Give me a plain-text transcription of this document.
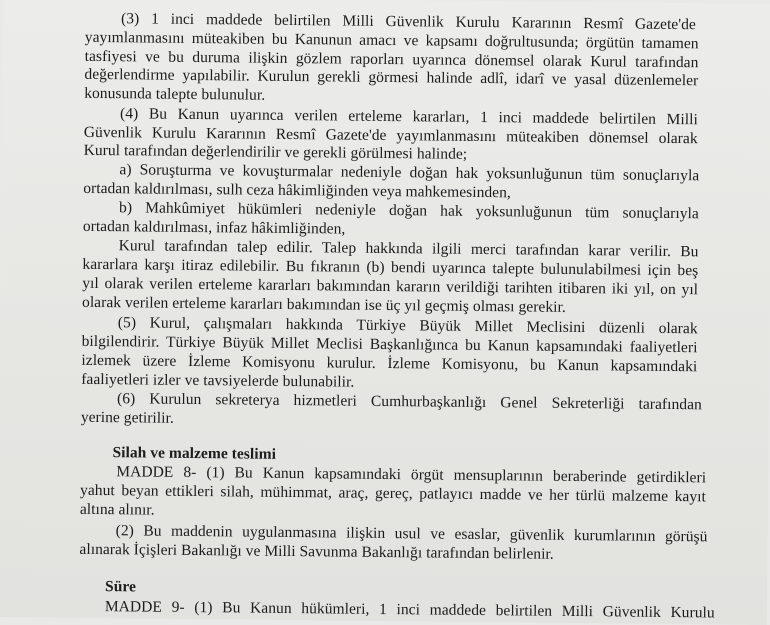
(3) 1 inci maddede belirtilen Milli Güvenlik Kurulu Kararının Resmî Gazete'de
yayımlanmasını müteakiben bu Kanunun amacı ve kapsamı doğrultusunda; örgütün tamamen
tasfiyesi ve bu duruma ilişkin gözlem raporları uyarınca dönemsel olarak Kurul tarafından
değerlendirme yapılabilir. Kurulun gerekli görmesi halinde adlî, idarî ve yasal düzenlemeler
konusunda talepte bulunulur.
(4) Bu Kanun uyarınca verilen erteleme kararları, 1 inci maddede belirtilen Milli
Güvenlik Kurulu Kararının Resmî Gazete'de yayımlanmasını müteakiben dönemsel olarak
Kurul tarafından değerlendirilir ve gerekli görülmesi halinde;
a) Soruşturma ve kovuşturmalar nedeniyle doğan hak yoksunluğunun tüm sonuçlarıyla
ortadan kaldırılması, sulh ceza hâkimliğinden veya mahkemesinden,
b) Mahkûmiyet hükümleri nedeniyle doğan hak yoksunluğunun tüm sonuçlarıyla
ortadan kaldırılması, infaz hâkimliğinden,
Kurul tarafından talep edilir. Talep hakkında ilgili merci tarafından karar verilir. Bu
kararlara karşı itiraz edilebilir. Bu fıkranın (b) bendi uyarınca talepte bulunulabilmesi için beş
yıl olarak verilen erteleme kararları bakımından kararın verildiği tarihten itibaren iki yıl, on yıl
olarak verilen erteleme kararları bakımından ise üç yıl geçmiş olması gerekir.
(5) Kurul, çalışmaları hakkında Türkiye Büyük Millet Meclisini düzenli olarak
bilgilendirir. Türkiye Büyük Millet Meclisi Başkanlığınca bu Kanun kapsamındaki faaliyetleri
izlemek üzere İzleme Komisyonu kurulur. İzleme Komisyonu, bu Kanun kapsamındaki
faaliyetleri izler ve tavsiyelerde bulunabilir.
(6) Kurulun sekreterya hizmetleri Cumhurbaşkanlığı Genel Sekreterliği tarafından
yerine getirilir.
Silah ve malzeme teslimi
MADDE 8- (1) Bu Kanun kapsamındaki örgüt mensuplarının beraberinde getirdikleri
yahut beyan ettikleri silah, mühimmat, araç, gereç, patlayıcı madde ve her türlü malzeme kayıt
altına alınır.
(2) Bu maddenin uygulanmasına ilişkin usul ve esaslar, güvenlik kurumlarının görüşü
alınarak İçişleri Bakanlığı ve Milli Savunma Bakanlığı tarafından belirlenir.
Süre
MADDE 9- (1) Bu Kanun hükümleri, 1 inci maddede belirtilen Milli Güvenlik Kurulu
